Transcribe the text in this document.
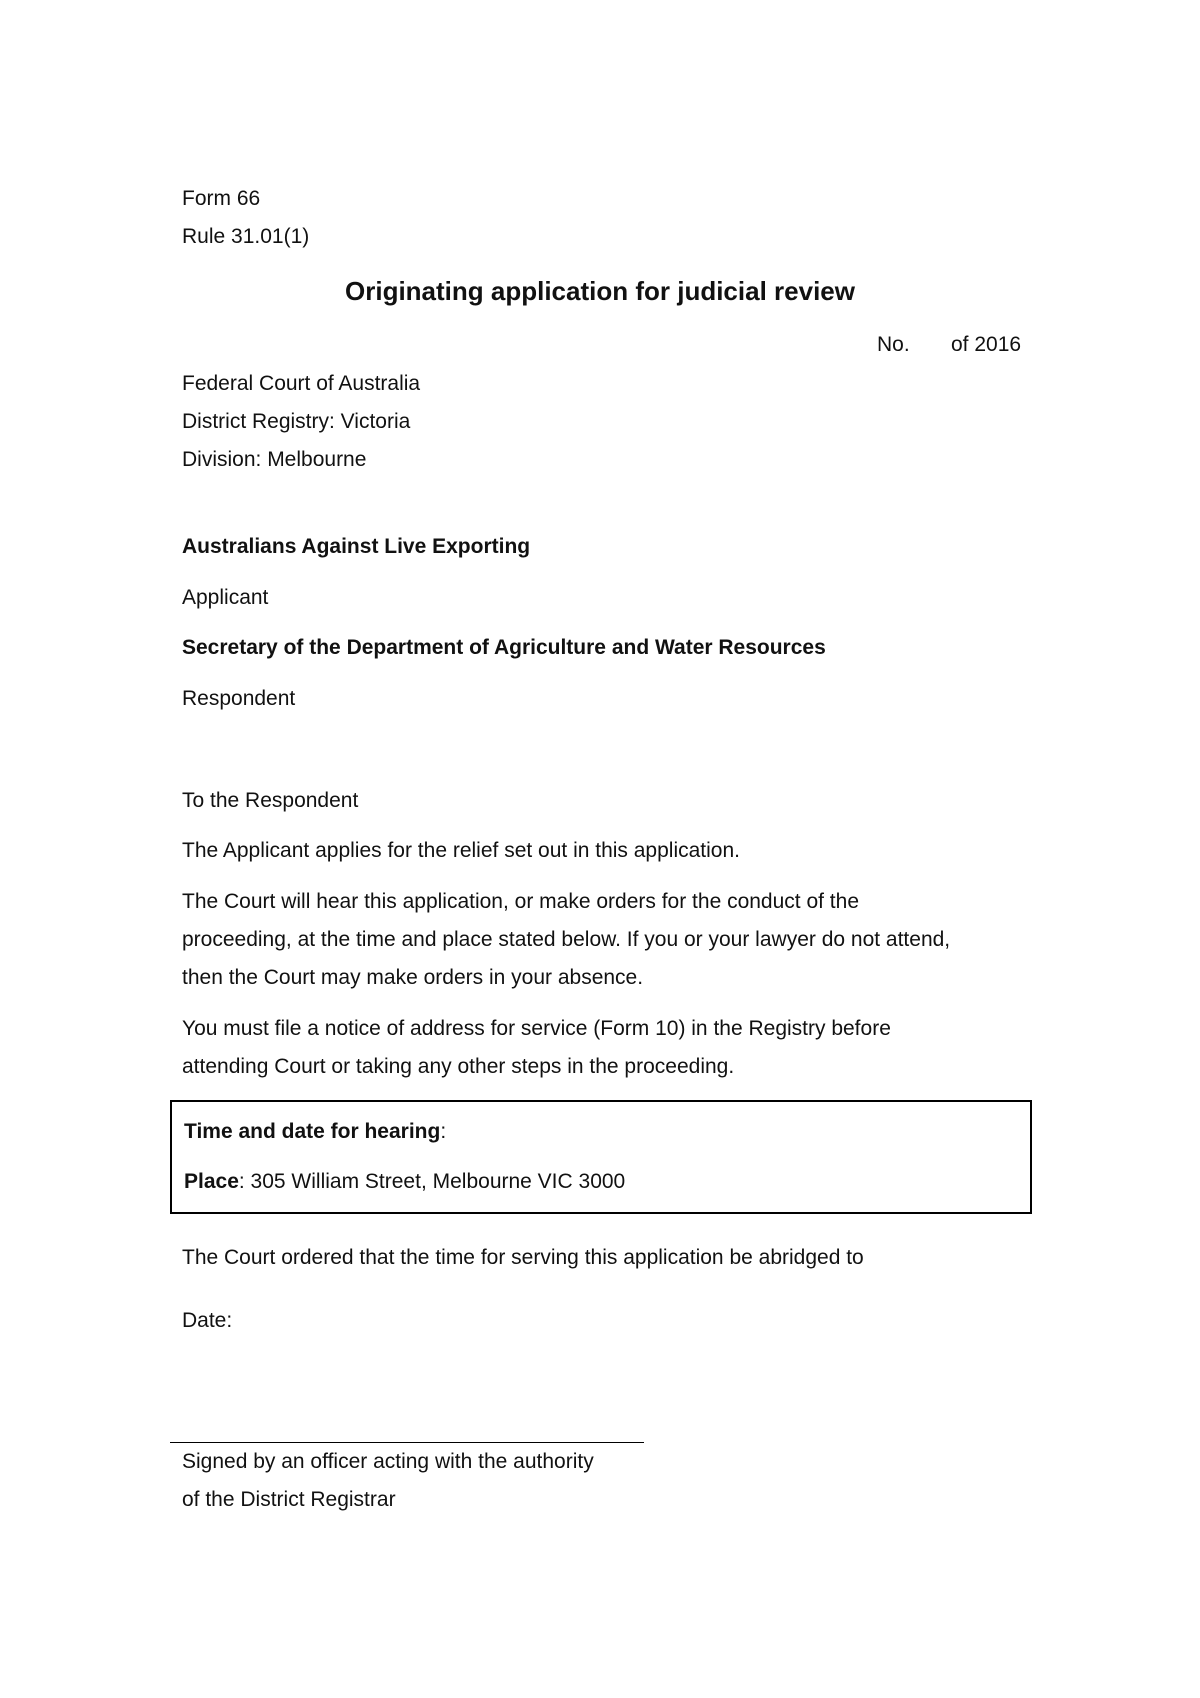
Form 66
Rule 31.01(1)
Originating application for judicial review
No. of 2016
Federal Court of Australia
District Registry: Victoria
Division: Melbourne
Australians Against Live Exporting
Applicant
Secretary of the Department of Agriculture and Water Resources
Respondent
To the Respondent
The Applicant applies for the relief set out in this application.
The Court will hear this application, or make orders for the conduct of the
proceeding, at the time and place stated below. If you or your lawyer do not attend,
then the Court may make orders in your absence.
You must file a notice of address for service (Form 10) in the Registry before
attending Court or taking any other steps in the proceeding.
Time and date for hearing:
Place: 305 William Street, Melbourne VIC 3000
The Court ordered that the time for serving this application be abridged to
Date:
Signed by an officer acting with the authority
of the District Registrar
